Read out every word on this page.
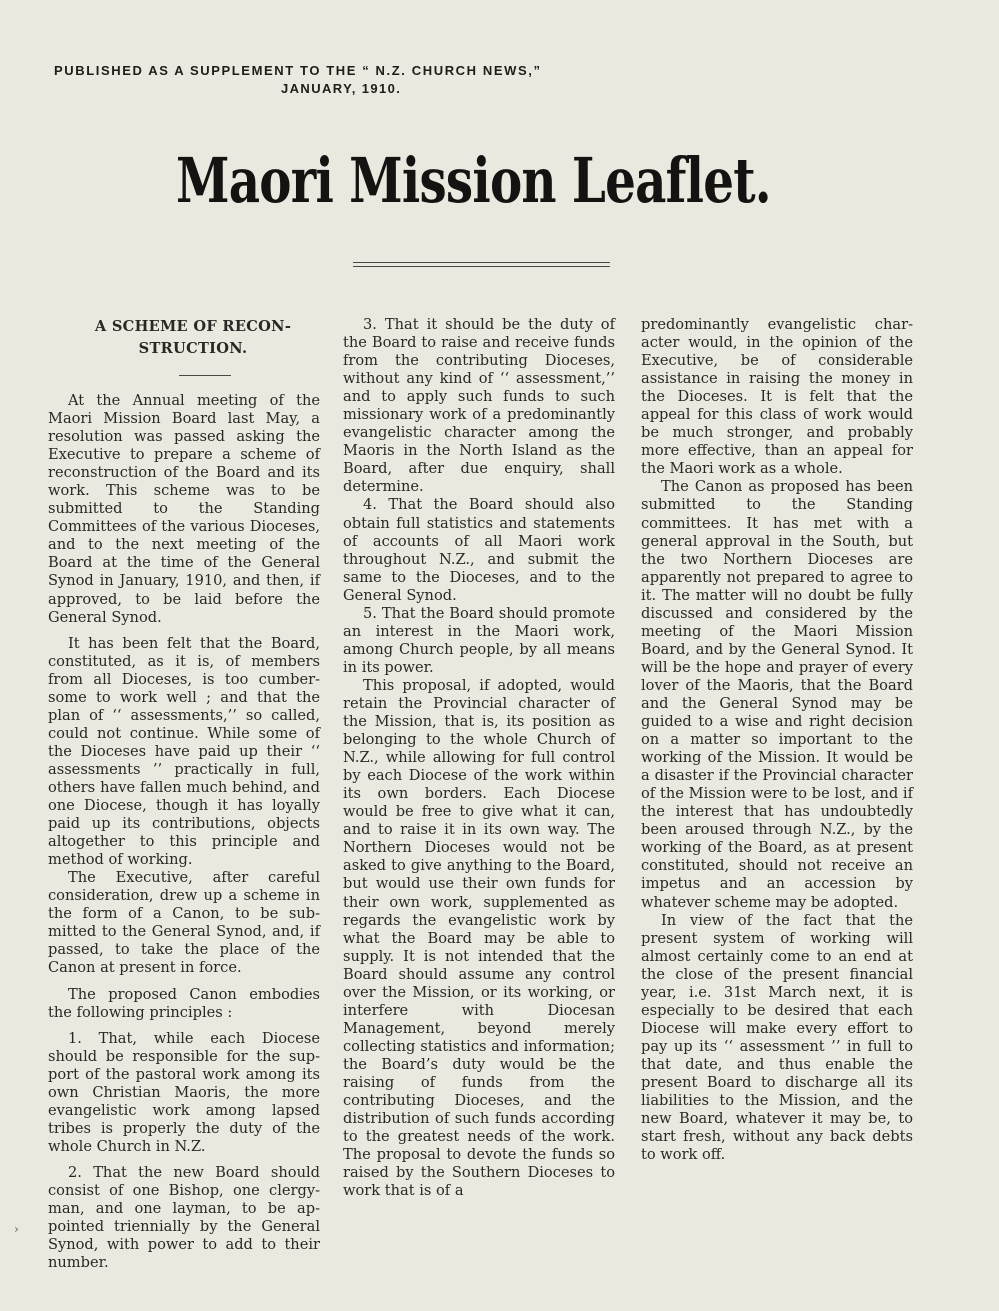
PUBLISHED AS A SUPPLEMENT TO THE “ N.Z. CHURCH NEWS,”
JANUARY, 1910.
Maori Mission Leaflet.
A SCHEME OF RECON-
STRUCTION.

At the Annual meeting of the Maori Mission Board last May, a resolution was passed asking the Executive to prepare a scheme of reconstruction of the Board and its work. This scheme was to be submitted to the Standing Committees of the various Dioceses, and to the next meeting of the Board at the time of the General Synod in January, 1910, and then, if approved, to be laid before the General Synod.

It has been felt that the Board, constituted, as it is, of members from all Dioceses, is too cumbersome to work well ; and that the plan of ‘‘ assessments,’’ so called, could not continue. While some of the Dioceses have paid up their ‘‘ assessments ’’ practically in full, others have fallen much behind, and one Diocese, though it has loyally paid up its contributions, objects altogether to this principle and method of working.

The Executive, after careful consideration, drew up a scheme in the form of a Canon, to be submitted to the General Synod, and, if passed, to take the place of the Canon at present in force.

The proposed Canon embodies the following principles :

1. That, while each Diocese should be responsible for the support of the pastoral work among its own Christian Maoris, the more evangelistic work among lapsed tribes is properly the duty of the whole Church in N.Z.

2. That the new Board should consist of one Bishop, one clergyman, and one layman, to be appointed triennially by the General Synod, with power to add to their number.

3. That it should be the duty of the Board to raise and receive funds from the contributing Dioceses, without any kind of ‘‘ assessment,’’ and to apply such funds to such missionary work of a predominantly evangelistic character among the Maoris in the North Island as the Board, after due enquiry, shall determine.

4. That the Board should also obtain full statistics and statements of accounts of all Maori work throughout N.Z., and submit the same to the Dioceses, and to the General Synod.

5. That the Board should promote an interest in the Maori work, among Church people, by all means in its power.

This proposal, if adopted, would retain the Provincial character of the Mission, that is, its position as belonging to the whole Church of N.Z., while allowing for full control by each Diocese of the work within its own borders. Each Diocese would be free to give what it can, and to raise it in its own way. The Northern Dioceses would not be asked to give anything to the Board, but would use their own funds for their own work, supplemented as regards the evangelistic work by what the Board may be able to supply. It is not intended that the Board should assume any control over the Mission, or its working, or interfere with Diocesan Management, beyond merely collecting statistics and information; the Board’s duty would be the raising of funds from the contributing Dioceses, and the distribution of such funds according to the greatest needs of the work. The proposal to devote the funds so raised by the Southern Dioceses to work that is of a

predominantly evangelistic character would, in the opinion of the Executive, be of considerable assistance in raising the money in the Dioceses. It is felt that the appeal for this class of work would be much stronger, and probably more effective, than an appeal for the Maori work as a whole.

The Canon as proposed has been submitted to the Standing committees. It has met with a general approval in the South, but the two Northern Dioceses are apparently not prepared to agree to it. The matter will no doubt be fully discussed and considered by the meeting of the Maori Mission Board, and by the General Synod. It will be the hope and prayer of every lover of the Maoris, that the Board and the General Synod may be guided to a wise and right decision on a matter so important to the working of the Mission. It would be a disaster if the Provincial character of the Mission were to be lost, and if the interest that has undoubtedly been aroused through N.Z., by the working of the Board, as at present constituted, should not receive an impetus and an accession by whatever scheme may be adopted.

In view of the fact that the present system of working will almost certainly come to an end at the close of the present financial year, i.e. 31st March next, it is especially to be desired that each Diocese will make every effort to pay up its ‘‘ assessment ’’ in full to that date, and thus enable the present Board to discharge all its liabilities to the Mission, and the new Board, whatever it may be, to start fresh, without any back debts to work off.

›
